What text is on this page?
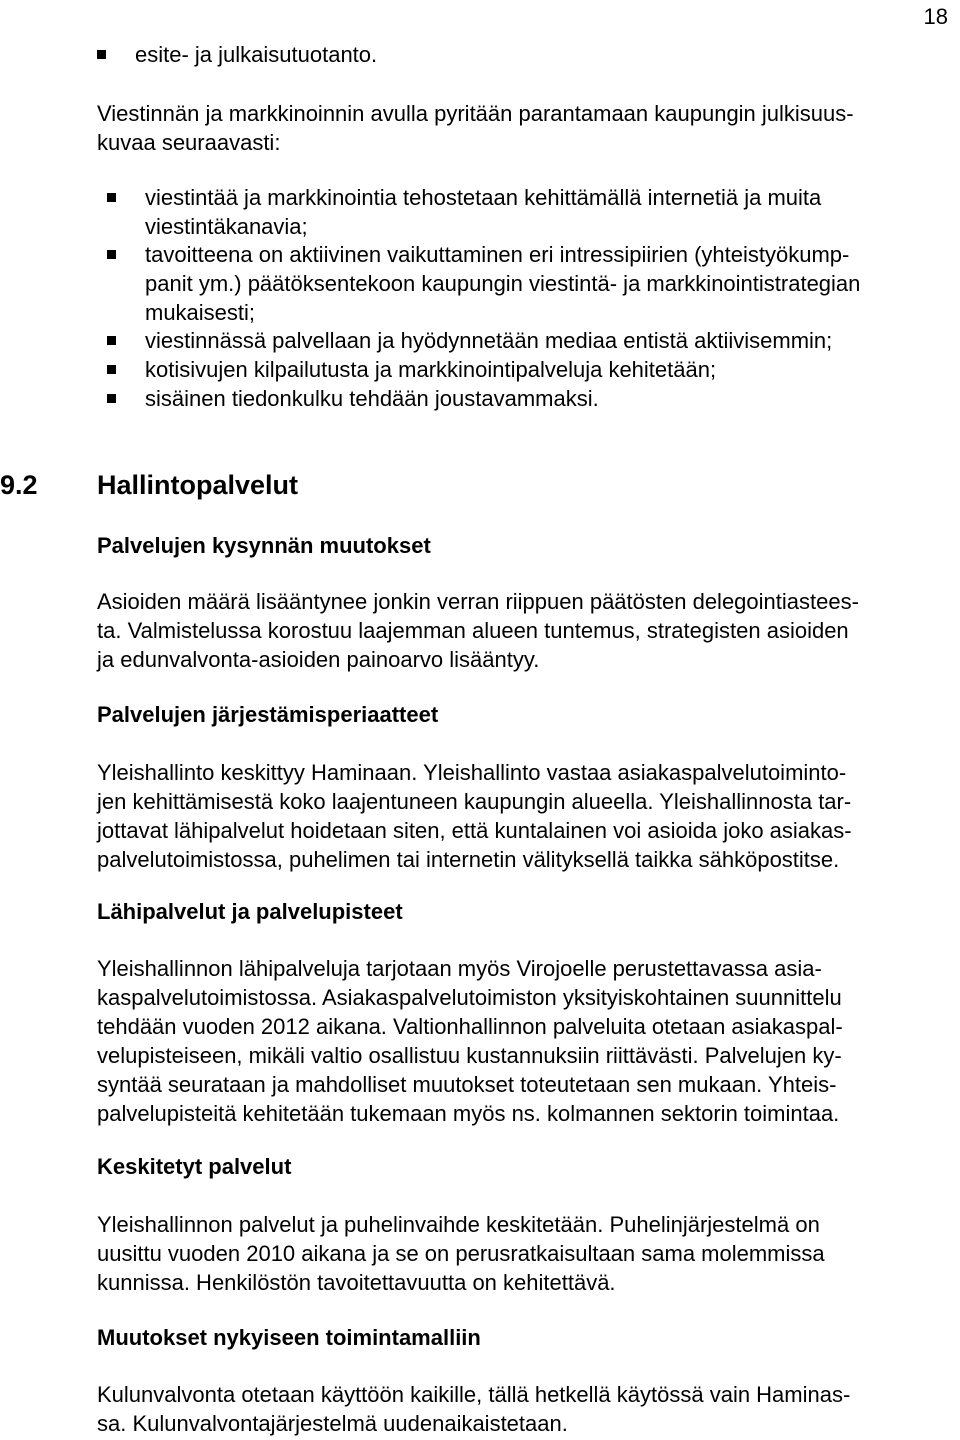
18
esite- ja julkaisutuotanto.
Viestinnän ja markkinoinnin avulla pyritään parantamaan kaupungin julkisuus-
kuvaa seuraavasti:
viestintää ja markkinointia tehostetaan kehittämällä internetiä ja muita
viestintäkanavia;
tavoitteena on aktiivinen vaikuttaminen eri intressipiirien (yhteistyökump-
panit ym.) päätöksentekoon kaupungin viestintä- ja markkinointistrategian
mukaisesti;
viestinnässä palvellaan ja hyödynnetään mediaa entistä aktiivisemmin;
kotisivujen kilpailutusta ja markkinointipalveluja kehitetään;
sisäinen tiedonkulku tehdään joustavammaksi.
9.2 Hallintopalvelut
Palvelujen kysynnän muutokset
Asioiden määrä lisääntynee jonkin verran riippuen päätösten delegointiastees-
ta. Valmistelussa korostuu laajemman alueen tuntemus, strategisten asioiden
ja edunvalvonta-asioiden painoarvo lisääntyy.
Palvelujen järjestämisperiaatteet
Yleishallinto keskittyy Haminaan. Yleishallinto vastaa asiakaspalvelutoiminto-
jen kehittämisestä koko laajentuneen kaupungin alueella. Yleishallinnosta tar-
jottavat lähipalvelut hoidetaan siten, että kuntalainen voi asioida joko asiakas-
palvelutoimistossa, puhelimen tai internetin välityksellä taikka sähköpostitse.
Lähipalvelut ja palvelupisteet
Yleishallinnon lähipalveluja tarjotaan myös Virojoelle perustettavassa asia-
kaspalvelutoimistossa. Asiakaspalvelutoimiston yksityiskohtainen suunnittelu
tehdään vuoden 2012 aikana. Valtionhallinnon palveluita otetaan asiakaspal-
velupisteiseen, mikäli valtio osallistuu kustannuksiin riittävästi. Palvelujen ky-
syntää seurataan ja mahdolliset muutokset toteutetaan sen mukaan. Yhteis-
palvelupisteitä kehitetään tukemaan myös ns. kolmannen sektorin toimintaa.
Keskitetyt palvelut
Yleishallinnon palvelut ja puhelinvaihde keskitetään. Puhelinjärjestelmä on
uusittu vuoden 2010 aikana ja se on perusratkaisultaan sama molemmissa
kunnissa. Henkilöstön tavoitettavuutta on kehitettävä.
Muutokset nykyiseen toimintamalliin
Kulunvalvonta otetaan käyttöön kaikille, tällä hetkellä käytössä vain Haminas-
sa. Kulunvalvontajärjestelmä uudenaikaistetaan.
